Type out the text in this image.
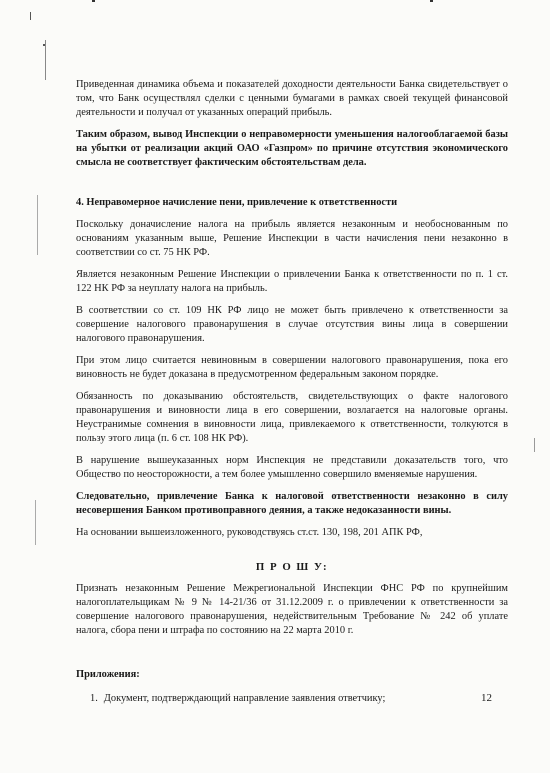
Приведенная динамика объема и показателей доходности деятельности Банка свидетельствует о том, что Банк осуществлял сделки с ценными бумагами в рамках своей текущей финансовой деятельности и получал от указанных операций прибыль.

Таким образом, вывод Инспекции о неправомерности уменьшения налогооблагаемой базы на убытки от реализации акций ОАО «Газпром» по причине отсутствия экономического смысла не соответствует фактическим обстоятельствам дела.

4. Неправомерное начисление пени, привлечение к ответственности

Поскольку доначисление налога на прибыль является незаконным и необоснованным по основаниям указанным выше, Решение Инспекции в части начисления пени незаконно в соответствии со ст. 75 НК РФ.

Является незаконным Решение Инспекции о привлечении Банка к ответственности по п. 1 ст. 122 НК РФ за неуплату налога на прибыль.

В соответствии со ст. 109 НК РФ лицо не может быть привлечено к ответственности за совершение налогового правонарушения в случае отсутствия вины лица в совершении налогового правонарушения.

При этом лицо считается невиновным в совершении налогового правонарушения, пока его виновность не будет доказана в предусмотренном федеральным законом порядке.

Обязанность по доказыванию обстоятельств, свидетельствующих о факте налогового правонарушения и виновности лица в его совершении, возлагается на налоговые органы. Неустранимые сомнения в виновности лица, привлекаемого к ответственности, толкуются в пользу этого лица (п. 6 ст. 108 НК РФ).

В нарушение вышеуказанных норм Инспекция не представили доказательств того, что Общество по неосторожности, а тем более умышленно совершило вменяемые нарушения.

Следовательно, привлечение Банка к налоговой ответственности незаконно в силу несовершения Банком противоправного деяния, а также недоказанности вины.

На основании вышеизложенного, руководствуясь ст.ст. 130, 198, 201 АПК РФ,

П Р О Ш У:

Признать незаконным Решение Межрегиональной Инспекции ФНС РФ по крупнейшим налогоплательщикам № 9 № 14-21/36 от 31.12.2009 г. о привлечении к ответственности за совершение налогового правонарушения, недействительным Требование № 242 об уплате налога, сбора пени и штрафа по состоянию на 22 марта 2010 г.

Приложения:
1. Документ, подтверждающий направление заявления ответчику;	12
